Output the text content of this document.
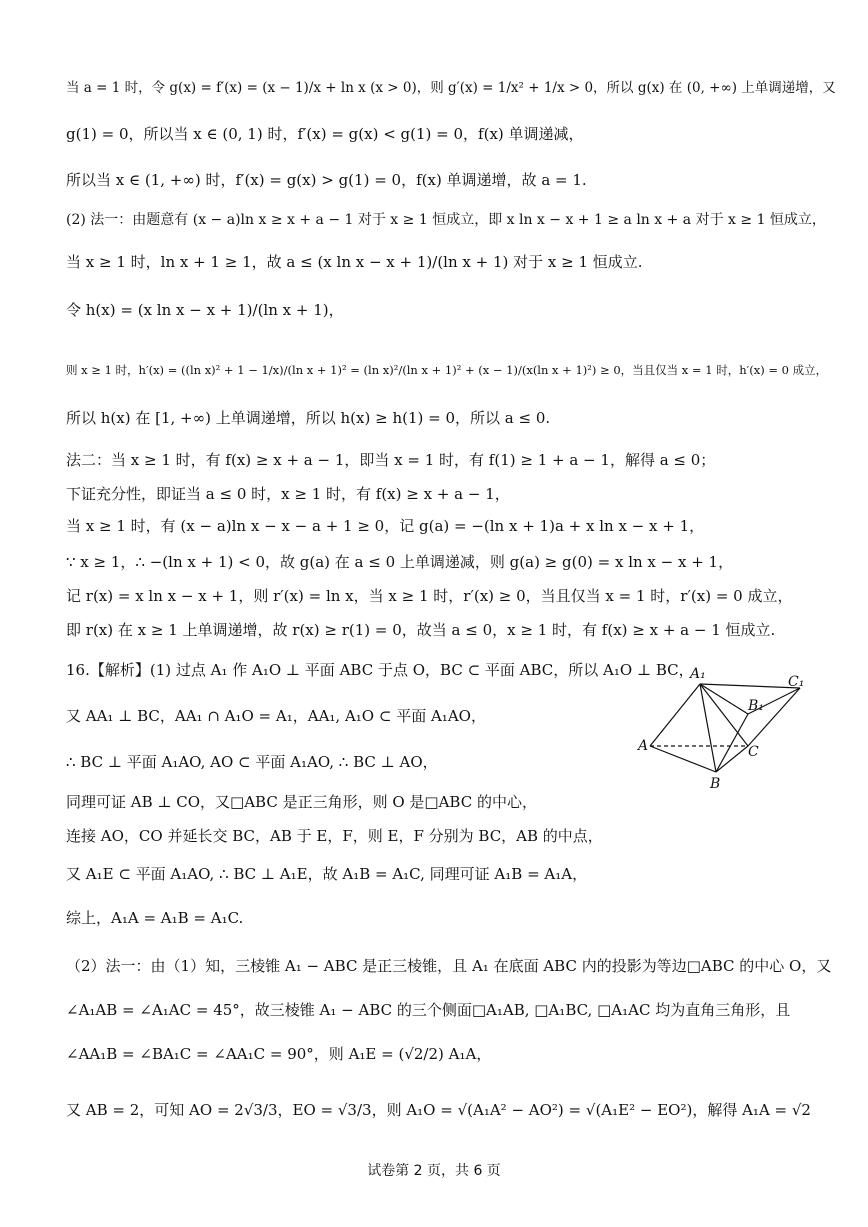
当 a = 1 时，令 g(x) = f′(x) = (x − 1)/x + ln x (x > 0)，则 g′(x) = 1/x² + 1/x > 0，所以 g(x) 在 (0, +∞) 上单调递增，又
g(1) = 0，所以当 x ∈ (0, 1) 时，f′(x) = g(x) < g(1) = 0，f(x) 单调递减，
所以当 x ∈ (1, +∞) 时，f′(x) = g(x) > g(1) = 0，f(x) 单调递增，故 a = 1.
(2) 法一：由题意有 (x − a)ln x ≥ x + a − 1 对于 x ≥ 1 恒成立，即 x ln x − x + 1 ≥ a ln x + a 对于 x ≥ 1 恒成立，
当 x ≥ 1 时，ln x + 1 ≥ 1，故 a ≤ (x ln x − x + 1)/(ln x + 1) 对于 x ≥ 1 恒成立.
令 h(x) = (x ln x − x + 1)/(ln x + 1)，
则 x ≥ 1 时，h′(x) = ((ln x)² + 1 − 1/x)/(ln x + 1)² = (ln x)²/(ln x + 1)² + (x − 1)/(x(ln x + 1)²) ≥ 0，当且仅当 x = 1 时，h′(x) = 0 成立，
所以 h(x) 在 [1, +∞) 上单调递增，所以 h(x) ≥ h(1) = 0，所以 a ≤ 0.
法二：当 x ≥ 1 时，有 f(x) ≥ x + a − 1，即当 x = 1 时，有 f(1) ≥ 1 + a − 1，解得 a ≤ 0；
下证充分性，即证当 a ≤ 0 时，x ≥ 1 时，有 f(x) ≥ x + a − 1，
当 x ≥ 1 时，有 (x − a)ln x − x − a + 1 ≥ 0，记 g(a) = −(ln x + 1)a + x ln x − x + 1，
∵ x ≥ 1，∴ −(ln x + 1) < 0，故 g(a) 在 a ≤ 0 上单调递减，则 g(a) ≥ g(0) = x ln x − x + 1，
记 r(x) = x ln x − x + 1，则 r′(x) = ln x，当 x ≥ 1 时，r′(x) ≥ 0，当且仅当 x = 1 时，r′(x) = 0 成立，
即 r(x) 在 x ≥ 1 上单调递增，故 r(x) ≥ r(1) = 0，故当 a ≤ 0，x ≥ 1 时，有 f(x) ≥ x + a − 1 恒成立.
16.【解析】(1) 过点 A₁ 作 A₁O ⊥ 平面 ABC 于点 O，BC ⊂ 平面 ABC，所以 A₁O ⊥ BC，
又 AA₁ ⊥ BC，AA₁ ∩ A₁O = A₁，AA₁, A₁O ⊂ 平面 A₁AO，
∴ BC ⊥ 平面 A₁AO, AO ⊂ 平面 A₁AO, ∴ BC ⊥ AO，
同理可证 AB ⊥ CO，又□ABC 是正三角形，则 O 是□ABC 的中心，
连接 AO，CO 并延长交 BC，AB 于 E，F，则 E，F 分别为 BC，AB 的中点，
又 A₁E ⊂ 平面 A₁AO, ∴ BC ⊥ A₁E，故 A₁B = A₁C, 同理可证 A₁B = A₁A，
综上，A₁A = A₁B = A₁C.
（2）法一：由（1）知，三棱锥 A₁ − ABC 是正三棱锥，且 A₁ 在底面 ABC 内的投影为等边□ABC 的中心 O，又
∠A₁AB = ∠A₁AC = 45°，故三棱锥 A₁ − ABC 的三个侧面□A₁AB, □A₁BC, □A₁AC 均为直角三角形，且
∠AA₁B = ∠BA₁C = ∠AA₁C = 90°，则 A₁E = (√2/2) A₁A，
又 AB = 2，可知 AO = 2√3/3，EO = √3/3，则 A₁O = √(A₁A² − AO²) = √(A₁E² − EO²)，解得 A₁A = √2
A₁	C₁
B₁
A	C
B
试卷第 2 页，共 6 页
